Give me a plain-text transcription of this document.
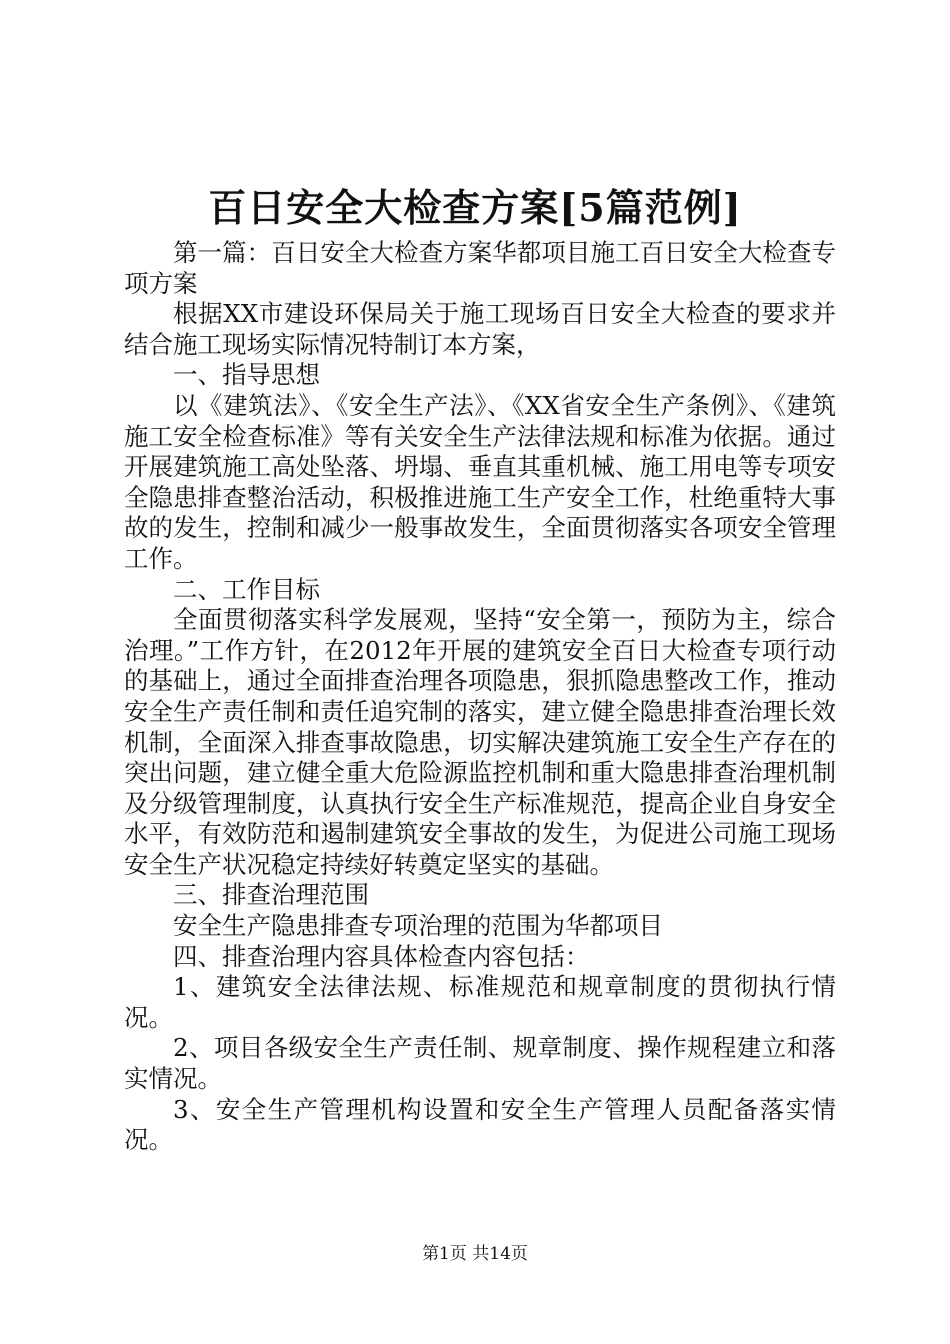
百日安全大检查方案[5篇范例]

第一篇：百日安全大检查方案华都项目施工百日安全大检查专项方案

根据XX市建设环保局关于施工现场百日安全大检查的要求并结合施工现场实际情况特制订本方案，

一、指导思想

以《建筑法》、《安全生产法》、《XX省安全生产条例》、《建筑施工安全检查标准》等有关安全生产法律法规和标准为依据。通过开展建筑施工高处坠落、坍塌、垂直其重机械、施工用电等专项安全隐患排查整治活动，积极推进施工生产安全工作，杜绝重特大事故的发生，控制和减少一般事故发生，全面贯彻落实各项安全管理工作。

二、工作目标

全面贯彻落实科学发展观，坚持“安全第一，预防为主，综合治理。”工作方针，在2012年开展的建筑安全百日大检查专项行动的基础上，通过全面排查治理各项隐患，狠抓隐患整改工作，推动安全生产责任制和责任追究制的落实，建立健全隐患排查治理长效机制，全面深入排查事故隐患，切实解决建筑施工安全生产存在的突出问题，建立健全重大危险源监控机制和重大隐患排查治理机制及分级管理制度，认真执行安全生产标准规范，提高企业自身安全水平，有效防范和遏制建筑安全事故的发生，为促进公司施工现场安全生产状况稳定持续好转奠定坚实的基础。

三、排查治理范围

安全生产隐患排查专项治理的范围为华都项目

四、排查治理内容具体检查内容包括：

1、建筑安全法律法规、标准规范和规章制度的贯彻执行情况。

2、项目各级安全生产责任制、规章制度、操作规程建立和落实情况。

3、安全生产管理机构设置和安全生产管理人员配备落实情况。

第1页 共14页
